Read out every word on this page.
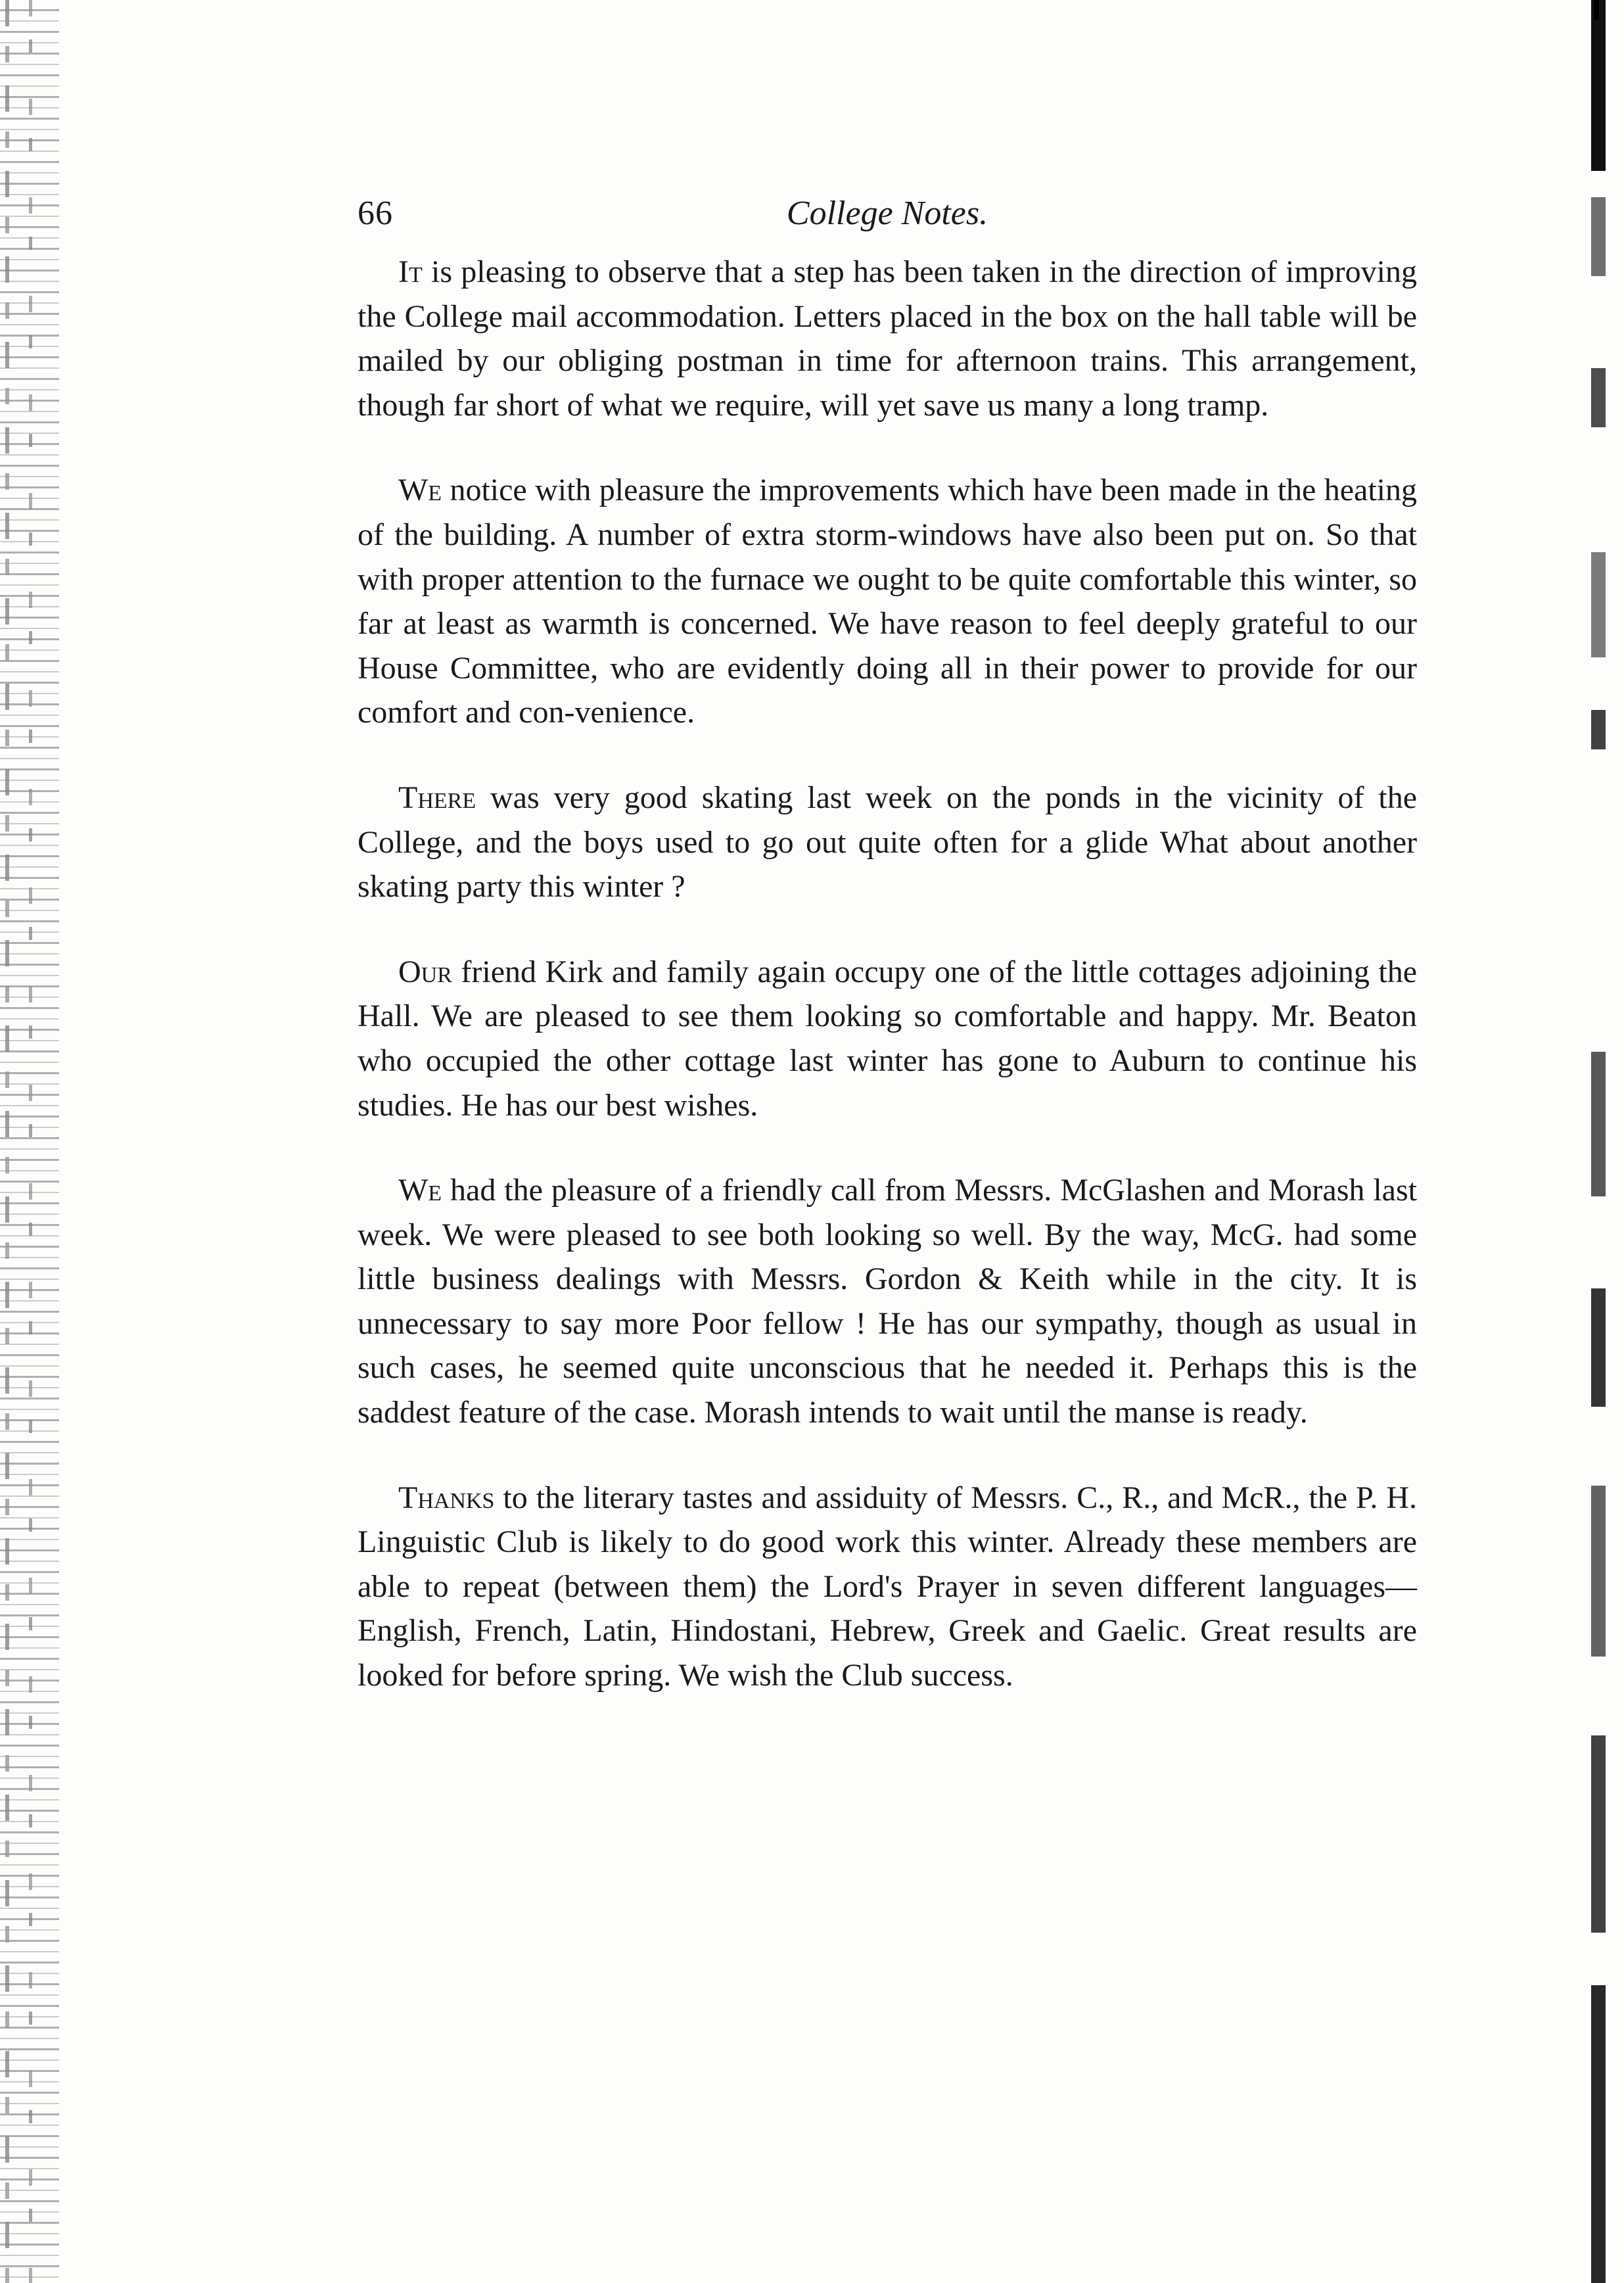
66	College Notes.

It is pleasing to observe that a step has been taken in the direction of improving the College mail accommodation. Letters placed in the box on the hall table will be mailed by our obliging postman in time for afternoon trains. This arrangement, though far short of what we require, will yet save us many a long tramp.

We notice with pleasure the improvements which have been made in the heating of the building. A number of extra storm-windows have also been put on. So that with proper attention to the furnace we ought to be quite comfortable this winter, so far at least as warmth is concerned. We have reason to feel deeply grateful to our House Committee, who are evidently doing all in their power to provide for our comfort and con-venience.

There was very good skating last week on the ponds in the vicinity of the College, and the boys used to go out quite often for a glide What about another skating party this winter ?

Our friend Kirk and family again occupy one of the little cottages adjoining the Hall. We are pleased to see them looking so comfortable and happy. Mr. Beaton who occupied the other cottage last winter has gone to Auburn to continue his studies. He has our best wishes.

We had the pleasure of a friendly call from Messrs. McGlashen and Morash last week. We were pleased to see both looking so well. By the way, McG. had some little business dealings with Messrs. Gordon & Keith while in the city. It is unnecessary to say more Poor fellow ! He has our sympathy, though as usual in such cases, he seemed quite unconscious that he needed it. Perhaps this is the saddest feature of the case. Morash intends to wait until the manse is ready.

Thanks to the literary tastes and assiduity of Messrs. C., R., and McR., the P. H. Linguistic Club is likely to do good work this winter. Already these members are able to repeat (between them) the Lord's Prayer in seven different languages—English, French, Latin, Hindostani, Hebrew, Greek and Gaelic. Great results are looked for before spring. We wish the Club success.
